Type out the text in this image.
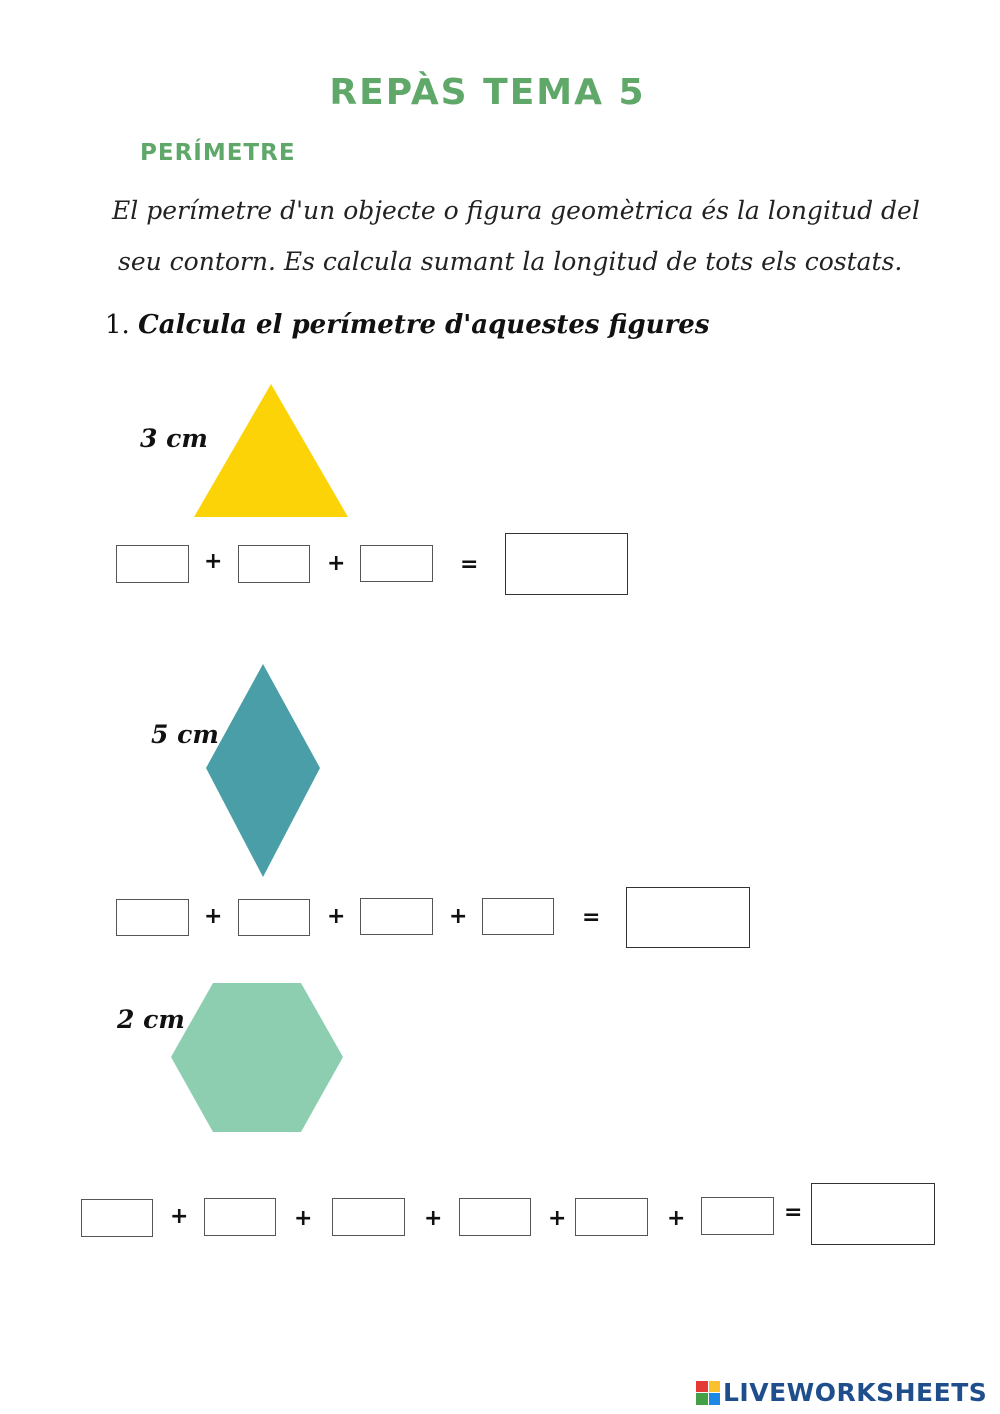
REPÀS TEMA 5
PERÍMETRE
El perímetre d'un objecte o figura geomètrica és la longitud del
seu contorn. Es calcula sumant la longitud de tots els costats.
1. Calcula el perímetre d'aquestes figures
3 cm
+	+	=
5 cm
+	+	+	=
2 cm
+	+	+	+	+	=
LIVEWORKSHEETS
